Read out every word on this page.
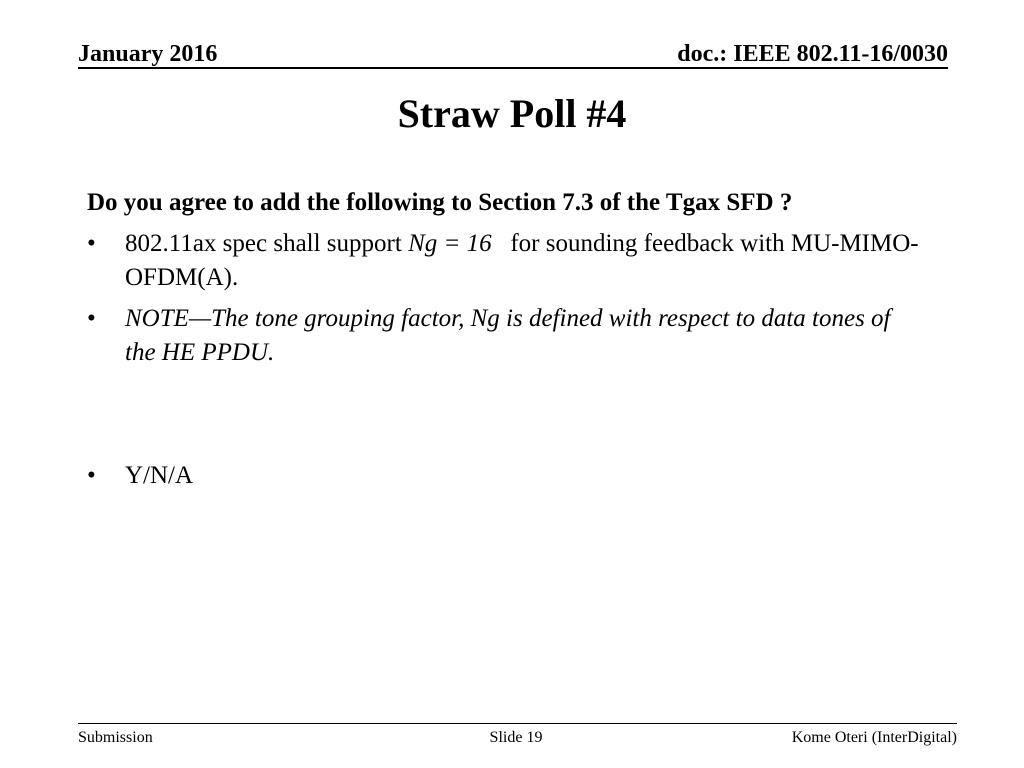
January 2016	doc.: IEEE 802.11-16/0030
Straw Poll #4
Do you agree to add the following to Section 7.3 of the Tgax SFD ?
•	802.11ax spec shall support Ng = 16   for sounding feedback with MU-MIMO-OFDM(A).
•	NOTE—The tone grouping factor, Ng is defined with respect to data tones of the HE PPDU.
•	Y/N/A
Submission	Slide 19	Kome Oteri (InterDigital)
